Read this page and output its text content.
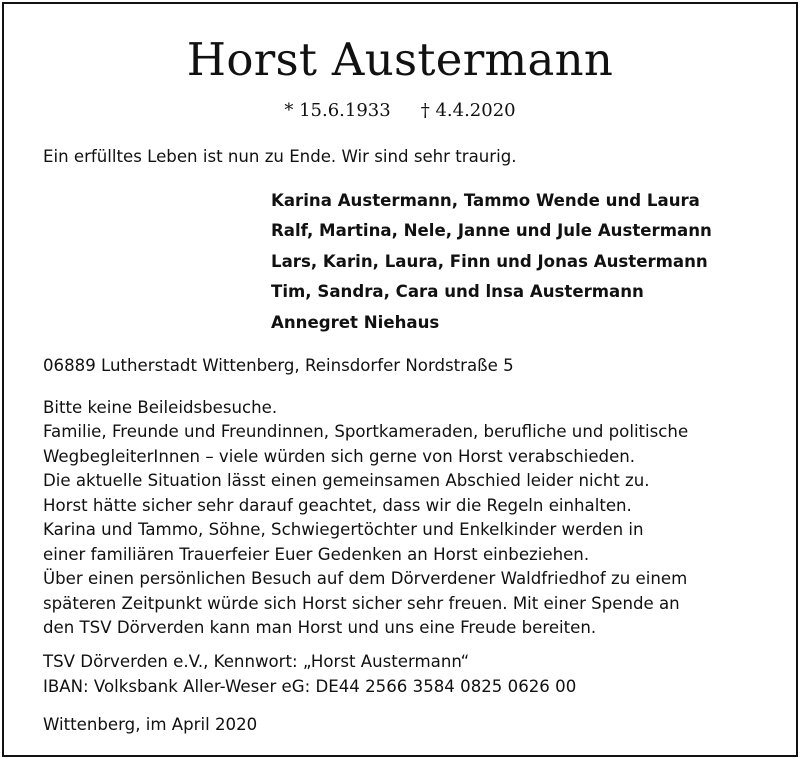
Horst Austermann
* 15.6.1933 † 4.4.2020
Ein erfülltes Leben ist nun zu Ende. Wir sind sehr traurig.
Karina Austermann, Tammo Wende und Laura
Ralf, Martina, Nele, Janne und Jule Austermann
Lars, Karin, Laura, Finn und Jonas Austermann
Tim, Sandra, Cara und lnsa Austermann
Annegret Niehaus
06889 Lutherstadt Wittenberg, Reinsdorfer Nordstraße 5
Bitte keine Beileidsbesuche.
Familie, Freunde und Freundinnen, Sportkameraden, berufliche und politische
WegbegleiterInnen – viele würden sich gerne von Horst verabschieden.
Die aktuelle Situation lässt einen gemeinsamen Abschied leider nicht zu.
Horst hätte sicher sehr darauf geachtet, dass wir die Regeln einhalten.
Karina und Tammo, Söhne, Schwiegertöchter und Enkelkinder werden in
einer familiären Trauerfeier Euer Gedenken an Horst einbeziehen.
Über einen persönlichen Besuch auf dem Dörverdener Waldfriedhof zu einem
späteren Zeitpunkt würde sich Horst sicher sehr freuen. Mit einer Spende an
den TSV Dörverden kann man Horst und uns eine Freude bereiten.
TSV Dörverden e.V., Kennwort: „Horst Austermann“
IBAN: Volksbank Aller-Weser eG: DE44 2566 3584 0825 0626 00
Wittenberg, im April 2020
